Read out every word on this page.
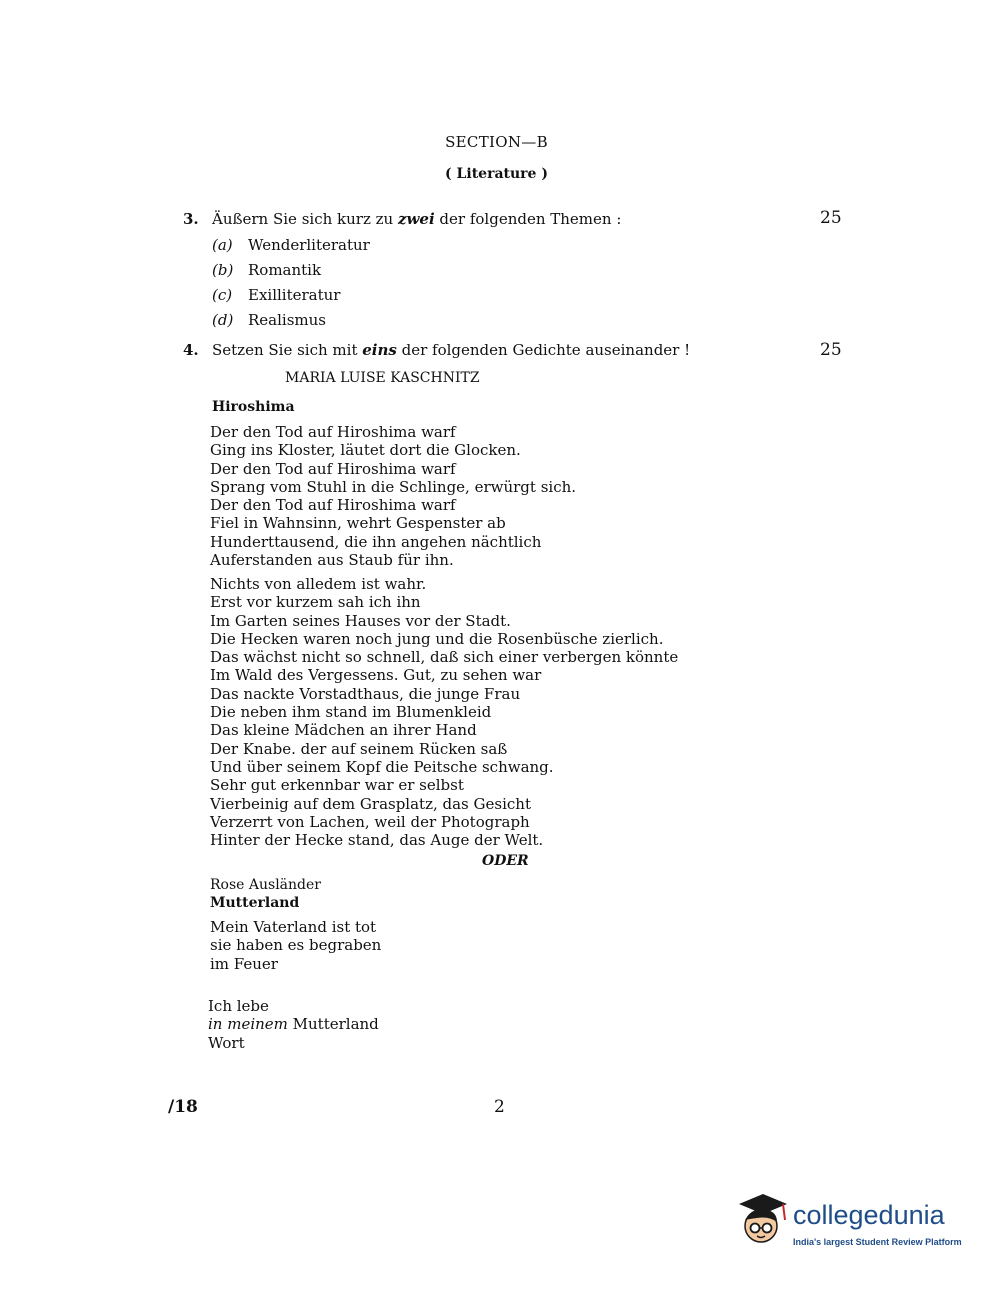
SECTION—B
( Literature )
3. Äußern Sie sich kurz zu zwei der folgenden Themen :	25
(a) Wenderliteratur
(b) Romantik
(c) Exilliteratur
(d) Realismus
4. Setzen Sie sich mit eins der folgenden Gedichte auseinander !	25
MARIA LUISE KASCHNITZ
Hiroshima
Der den Tod auf Hiroshima warf
Ging ins Kloster, läutet dort die Glocken.
Der den Tod auf Hiroshima warf
Sprang vom Stuhl in die Schlinge, erwürgt sich.
Der den Tod auf Hiroshima warf
Fiel in Wahnsinn, wehrt Gespenster ab
Hunderttausend, die ihn angehen nächtlich
Auferstanden aus Staub für ihn.
Nichts von alledem ist wahr.
Erst vor kurzem sah ich ihn
Im Garten seines Hauses vor der Stadt.
Die Hecken waren noch jung und die Rosenbüsche zierlich.
Das wächst nicht so schnell, daß sich einer verbergen könnte
Im Wald des Vergessens. Gut, zu sehen war
Das nackte Vorstadthaus, die junge Frau
Die neben ihm stand im Blumenkleid
Das kleine Mädchen an ihrer Hand
Der Knabe. der auf seinem Rücken saß
Und über seinem Kopf die Peitsche schwang.
Sehr gut erkennbar war er selbst
Vierbeinig auf dem Grasplatz, das Gesicht
Verzerrt von Lachen, weil der Photograph
Hinter der Hecke stand, das Auge der Welt.
ODER
Rose Ausländer
Mutterland
Mein Vaterland ist tot
sie haben es begraben
im Feuer
Ich lebe
in meinem Mutterland
Wort
/18	2
collegedunia
India's largest Student Review Platform
